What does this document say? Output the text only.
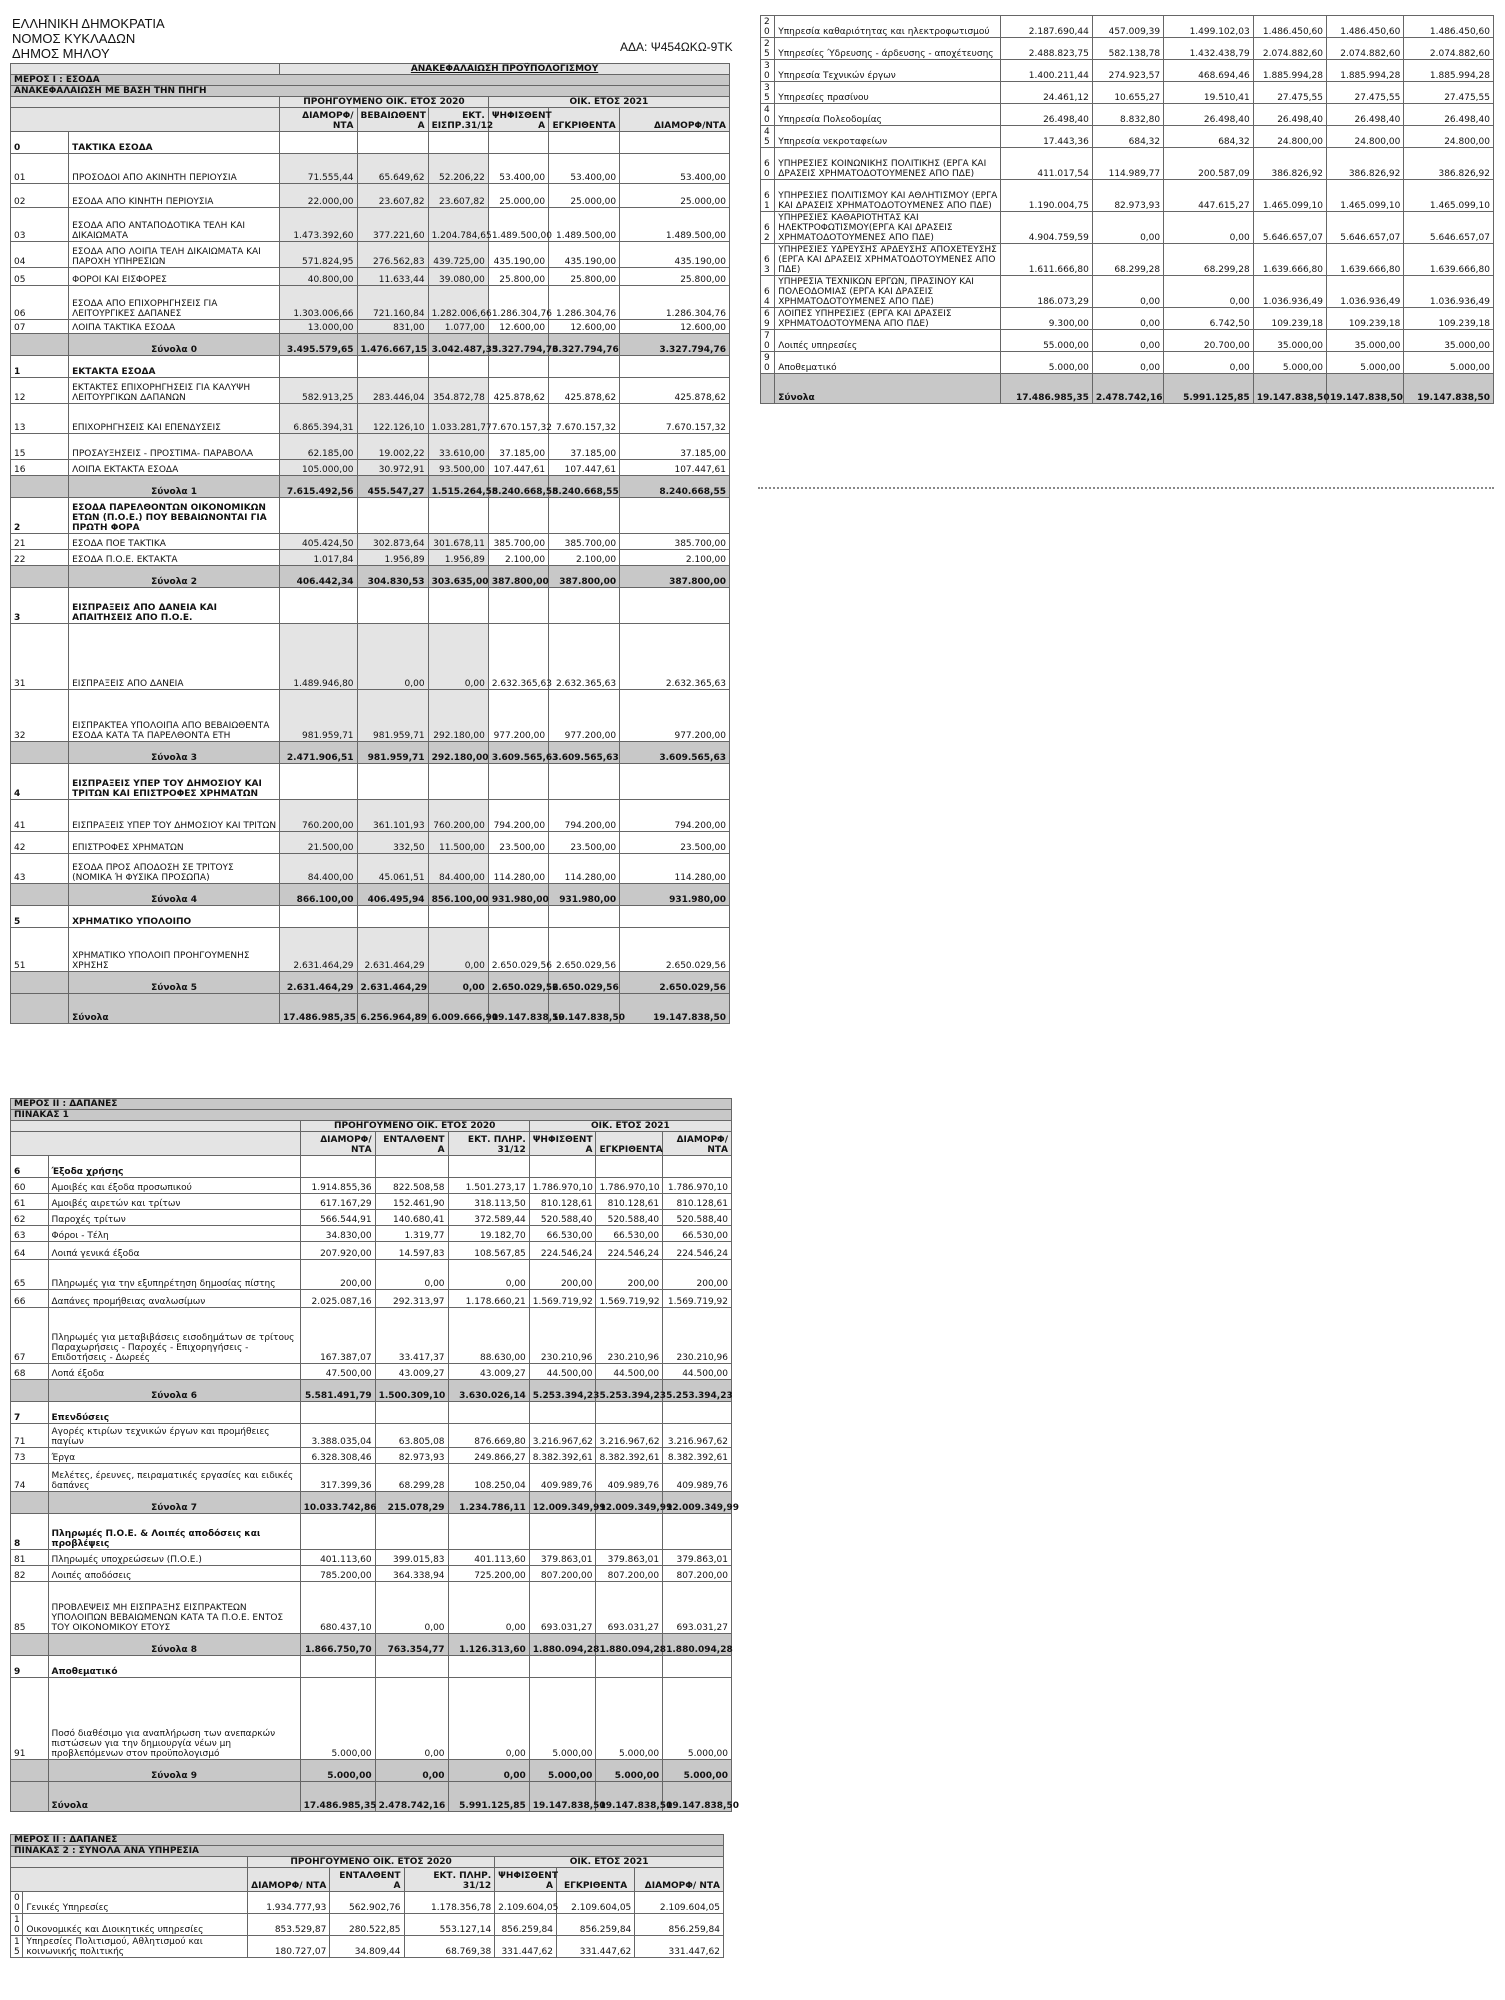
ΕΛΛΗΝΙΚΗ ΔΗΜΟΚΡΑΤΙΑ
ΝΟΜΟΣ ΚΥΚΛΑΔΩΝ
ΔΗΜΟΣ ΜΗΛΟΥ	ΑΔΑ: Ψ454ΩΚΩ-9ΤΚ
		ΑΝΑΚΕΦΑΛΑΙΩΣΗ ΠΡΟΫΠΟΛΟΓΙΣΜΟΥ					
ΜΕΡΟΣ Ι : ΕΣΟΔΑ							
ΑΝΑΚΕΦΑΛΑΙΩΣΗ ΜΕ ΒΑΣΗ ΤΗΝ ΠΗΓΗ							
		ΠΡΟΗΓΟΥΜΕΝΟ ΟΙΚ. ΕΤΟΣ 2020			ΟΙΚ. ΕΤΟΣ 2021		
		ΔΙΑΜΟΡΦ/ ΝΤΑ	ΒΕΒΑΙΩΘΕΝΤ Α	ΕΚΤ. ΕΙΣΠΡ.31/12	ΨΗΦΙΣΘΕΝΤ Α	ΕΓΚΡΙΘΕΝΤΑ	ΔΙΑΜΟΡΦ/ΝΤΑ
0	ΤΑΚΤΙΚΑ ΕΣΟΔΑ						
01	ΠΡΟΣΟΔΟΙ ΑΠΟ ΑΚΙΝΗΤΗ ΠΕΡΙΟΥΣΙΑ	71.555,44	65.649,62	52.206,22	53.400,00	53.400,00	53.400,00
02	ΕΣΟΔΑ ΑΠΟ ΚΙΝΗΤΗ ΠΕΡΙΟΥΣΙΑ	22.000,00	23.607,82	23.607,82	25.000,00	25.000,00	25.000,00
03	ΕΣΟΔΑ ΑΠΟ ΑΝΤΑΠΟΔΟΤΙΚΑ ΤΕΛΗ ΚΑΙ ΔΙΚΑΙΩΜΑΤΑ	1.473.392,60	377.221,60	1.204.784,65	1.489.500,00	1.489.500,00	1.489.500,00
04	ΕΣΟΔΑ ΑΠΟ ΛΟΙΠΑ ΤΕΛΗ ΔΙΚΑΙΩΜΑΤΑ ΚΑΙ ΠΑΡΟΧΗ ΥΠΗΡΕΣΙΩΝ	571.824,95	276.562,83	439.725,00	435.190,00	435.190,00	435.190,00
05	ΦΟΡΟΙ ΚΑΙ ΕΙΣΦΟΡΕΣ	40.800,00	11.633,44	39.080,00	25.800,00	25.800,00	25.800,00
06	ΕΣΟΔΑ ΑΠΟ ΕΠΙΧΟΡΗΓΗΣΕΙΣ ΓΙΑ ΛΕΙΤΟΥΡΓΙΚΕΣ ΔΑΠΑΝΕΣ	1.303.006,66	721.160,84	1.282.006,66	1.286.304,76	1.286.304,76	1.286.304,76
07	ΛΟΙΠΑ ΤΑΚΤΙΚΑ ΕΣΟΔΑ	13.000,00	831,00	1.077,00	12.600,00	12.600,00	12.600,00
	Σύνολα 0	3.495.579,65	1.476.667,15	3.042.487,35	3.327.794,76	3.327.794,76	3.327.794,76
1	ΕΚΤΑΚΤΑ ΕΣΟΔΑ						
12	ΕΚΤΑΚΤΕΣ ΕΠΙΧΟΡΗΓΗΣΕΙΣ ΓΙΑ ΚΑΛΥΨΗ ΛΕΙΤΟΥΡΓΙΚΩΝ ΔΑΠΑΝΩΝ	582.913,25	283.446,04	354.872,78	425.878,62	425.878,62	425.878,62
13	ΕΠΙΧΟΡΗΓΗΣΕΙΣ ΚΑΙ ΕΠΕΝΔΥΣΕΙΣ	6.865.394,31	122.126,10	1.033.281,77	7.670.157,32	7.670.157,32	7.670.157,32
15	ΠΡΟΣΑΥΞΗΣΕΙΣ - ΠΡΟΣΤΙΜΑ- ΠΑΡΑΒΟΛΑ	62.185,00	19.002,22	33.610,00	37.185,00	37.185,00	37.185,00
16	ΛΟΙΠΑ ΕΚΤΑΚΤΑ ΕΣΟΔΑ	105.000,00	30.972,91	93.500,00	107.447,61	107.447,61	107.447,61
	Σύνολα 1	7.615.492,56	455.547,27	1.515.264,55	8.240.668,55	8.240.668,55	8.240.668,55
2	ΕΣΟΔΑ ΠΑΡΕΛΘΟΝΤΩΝ ΟΙΚΟΝΟΜΙΚΩΝ ΕΤΩΝ (Π.Ο.Ε.) ΠΟΥ ΒΕΒΑΙΩΝΟΝΤΑΙ ΓΙΑ ΠΡΩΤΗ ΦΟΡΑ						
21	ΕΣΟΔΑ ΠΟΕ ΤΑΚΤΙΚΑ	405.424,50	302.873,64	301.678,11	385.700,00	385.700,00	385.700,00
22	ΕΣΟΔΑ Π.Ο.Ε. ΕΚΤΑΚΤΑ	1.017,84	1.956,89	1.956,89	2.100,00	2.100,00	2.100,00
	Σύνολα 2	406.442,34	304.830,53	303.635,00	387.800,00	387.800,00	387.800,00
3	ΕΙΣΠΡΑΞΕΙΣ ΑΠΟ ΔΑΝΕΙΑ ΚΑΙ ΑΠΑΙΤΗΣΕΙΣ ΑΠΟ Π.Ο.Ε.						
31	ΕΙΣΠΡΑΞΕΙΣ ΑΠΟ ΔΑΝΕΙΑ	1.489.946,80	0,00	0,00	2.632.365,63	2.632.365,63	2.632.365,63
32	ΕΙΣΠΡΑΚΤΕΑ ΥΠΟΛΟΙΠΑ ΑΠΟ ΒΕΒΑΙΩΘΕΝΤΑ ΕΣΟΔΑ ΚΑΤΑ ΤΑ ΠΑΡΕΛΘΟΝΤΑ ΕΤΗ	981.959,71	981.959,71	292.180,00	977.200,00	977.200,00	977.200,00
	Σύνολα 3	2.471.906,51	981.959,71	292.180,00	3.609.565,63	3.609.565,63	3.609.565,63
4	ΕΙΣΠΡΑΞΕΙΣ ΥΠΕΡ ΤΟΥ ΔΗΜΟΣΙΟΥ ΚΑΙ ΤΡΙΤΩΝ ΚΑΙ ΕΠΙΣΤΡΟΦΕΣ ΧΡΗΜΑΤΩΝ						
41	ΕΙΣΠΡΑΞΕΙΣ ΥΠΕΡ ΤΟΥ ΔΗΜΟΣΙΟΥ ΚΑΙ ΤΡΙΤΩΝ	760.200,00	361.101,93	760.200,00	794.200,00	794.200,00	794.200,00
42	ΕΠΙΣΤΡΟΦΕΣ ΧΡΗΜΑΤΩΝ	21.500,00	332,50	11.500,00	23.500,00	23.500,00	23.500,00
43	ΕΣΟΔΑ ΠΡΟΣ ΑΠΟΔΟΣΗ ΣΕ ΤΡΙΤΟΥΣ (ΝΟΜΙΚΑ Ή ΦΥΣΙΚΑ ΠΡΟΣΩΠΑ)	84.400,00	45.061,51	84.400,00	114.280,00	114.280,00	114.280,00
	Σύνολα 4	866.100,00	406.495,94	856.100,00	931.980,00	931.980,00	931.980,00
5	ΧΡΗΜΑΤΙΚΟ ΥΠΟΛΟΙΠΟ						
51	ΧΡΗΜΑΤΙΚΟ ΥΠΟΛΟΙΠ ΠΡΟΗΓΟΥΜΕΝΗΣ ΧΡΗΣΗΣ	2.631.464,29	2.631.464,29	0,00	2.650.029,56	2.650.029,56	2.650.029,56
	Σύνολα 5	2.631.464,29	2.631.464,29	0,00	2.650.029,56	2.650.029,56	2.650.029,56
	Σύνολα	17.486.985,35	6.256.964,89	6.009.666,90	19.147.838,50	19.147.838,50	19.147.838,50
ΜΕΡΟΣ ΙΙ : ΔΑΠΑΝΕΣ							
ΠΙΝΑΚΑΣ 1							
		ΠΡΟΗΓΟΥΜΕΝΟ ΟΙΚ. ΕΤΟΣ 2020			ΟΙΚ. ΕΤΟΣ 2021		
		ΔΙΑΜΟΡΦ/ ΝΤΑ	ΕΝΤΑΛΘΕΝΤ Α	ΕΚΤ. ΠΛΗΡ. 31/12	ΨΗΦΙΣΘΕΝΤ Α	ΕΓΚΡΙΘΕΝΤΑ	ΔΙΑΜΟΡΦ/ ΝΤΑ
6	Έξοδα χρήσης						
60	Αμοιβές και έξοδα προσωπικού	1.914.855,36	822.508,58	1.501.273,17	1.786.970,10	1.786.970,10	1.786.970,10
61	Αμοιβές αιρετών και τρίτων	617.167,29	152.461,90	318.113,50	810.128,61	810.128,61	810.128,61
62	Παροχές τρίτων	566.544,91	140.680,41	372.589,44	520.588,40	520.588,40	520.588,40
63	Φόροι - Τέλη	34.830,00	1.319,77	19.182,70	66.530,00	66.530,00	66.530,00
64	Λοιπά γενικά έξοδα	207.920,00	14.597,83	108.567,85	224.546,24	224.546,24	224.546,24
65	Πληρωμές για την εξυπηρέτηση δημοσίας πίστης	200,00	0,00	0,00	200,00	200,00	200,00
66	Δαπάνες προμήθειας αναλωσίμων	2.025.087,16	292.313,97	1.178.660,21	1.569.719,92	1.569.719,92	1.569.719,92
67	Πληρωμές για μεταβιβάσεις εισοδημάτων σε τρίτους Παραχωρήσεις - Παροχές - Επιχορηγήσεις - Επιδοτήσεις - Δωρεές	167.387,07	33.417,37	88.630,00	230.210,96	230.210,96	230.210,96
68	Λοπά έξοδα	47.500,00	43.009,27	43.009,27	44.500,00	44.500,00	44.500,00
	Σύνολα 6	5.581.491,79	1.500.309,10	3.630.026,14	5.253.394,23	5.253.394,23	5.253.394,23
7	Επενδύσεις						
71	Αγορές κτιρίων τεχνικών έργων και προμήθειες παγίων	3.388.035,04	63.805,08	876.669,80	3.216.967,62	3.216.967,62	3.216.967,62
73	Έργα	6.328.308,46	82.973,93	249.866,27	8.382.392,61	8.382.392,61	8.382.392,61
74	Μελέτες, έρευνες, πειραματικές εργασίες και ειδικές δαπάνες	317.399,36	68.299,28	108.250,04	409.989,76	409.989,76	409.989,76
	Σύνολα 7	10.033.742,86	215.078,29	1.234.786,11	12.009.349,99	12.009.349,99	12.009.349,99
8	Πληρωμές Π.Ο.Ε. & Λοιπές αποδόσεις και προβλέψεις						
81	Πληρωμές υποχρεώσεων (Π.Ο.Ε.)	401.113,60	399.015,83	401.113,60	379.863,01	379.863,01	379.863,01
82	Λοιπές αποδόσεις	785.200,00	364.338,94	725.200,00	807.200,00	807.200,00	807.200,00
85	ΠΡΟΒΛΕΨΕΙΣ ΜΗ ΕΙΣΠΡΑΞΗΣ ΕΙΣΠΡΑΚΤΕΩΝ ΥΠΟΛΟΙΠΩΝ ΒΕΒΑΙΩΜΕΝΩΝ ΚΑΤΑ ΤΑ Π.Ο.Ε. ΕΝΤΟΣ ΤΟΥ ΟΙΚΟΝΟΜΙΚΟΥ ΕΤΟΥΣ	680.437,10	0,00	0,00	693.031,27	693.031,27	693.031,27
	Σύνολα 8	1.866.750,70	763.354,77	1.126.313,60	1.880.094,28	1.880.094,28	1.880.094,28
9	Αποθεματικό						
91	Ποσό διαθέσιμο για αναπλήρωση των ανεπαρκών πιστώσεων για την δημιουργία νέων μη προβλεπόμενων στον προϋπολογισμό	5.000,00	0,00	0,00	5.000,00	5.000,00	5.000,00
	Σύνολα 9	5.000,00	0,00	0,00	5.000,00	5.000,00	5.000,00
	Σύνολα	17.486.985,35	2.478.742,16	5.991.125,85	19.147.838,50	19.147.838,50	19.147.838,50
ΜΕΡΟΣ ΙΙ : ΔΑΠΑΝΕΣ							
ΠΙΝΑΚΑΣ 2 : ΣΥΝΟΛΑ ΑΝΑ ΥΠΗΡΕΣΙΑ							
		ΠΡΟΗΓΟΥΜΕΝΟ ΟΙΚ. ΕΤΟΣ 2020			ΟΙΚ. ΕΤΟΣ 2021		
		ΔΙΑΜΟΡΦ/ ΝΤΑ	ΕΝΤΑΛΘΕΝΤ Α	ΕΚΤ. ΠΛΗΡ. 31/12	ΨΗΦΙΣΘΕΝΤ Α	ΕΓΚΡΙΘΕΝΤΑ	ΔΙΑΜΟΡΦ/ ΝΤΑ
0 0	Γενικές Υπηρεσίες	1.934.777,93	562.902,76	1.178.356,78	2.109.604,05	2.109.604,05	2.109.604,05
1 0	Οικονομικές και Διοικητικές υπηρεσίες	853.529,87	280.522,85	553.127,14	856.259,84	856.259,84	856.259,84
1 5	Υπηρεσίες Πολιτισμού, Αθλητισμού και κοινωνικής πολιτικής	180.727,07	34.809,44	68.769,38	331.447,62	331.447,62	331.447,62
2 0	Υπηρεσία καθαριότητας και ηλεκτροφωτισμού	2.187.690,44	457.009,39	1.499.102,03	1.486.450,60	1.486.450,60	1.486.450,60
2 5	Υπηρεσίες Ύδρευσης - άρδευσης - αποχέτευσης	2.488.823,75	582.138,78	1.432.438,79	2.074.882,60	2.074.882,60	2.074.882,60
3 0	Υπηρεσία Τεχνικών έργων	1.400.211,44	274.923,57	468.694,46	1.885.994,28	1.885.994,28	1.885.994,28
3 5	Υπηρεσίες πρασίνου	24.461,12	10.655,27	19.510,41	27.475,55	27.475,55	27.475,55
4 0	Υπηρεσία Πολεοδομίας	26.498,40	8.832,80	26.498,40	26.498,40	26.498,40	26.498,40
4 5	Υπηρεσία νεκροταφείων	17.443,36	684,32	684,32	24.800,00	24.800,00	24.800,00
6 0	ΥΠΗΡΕΣΙΕΣ ΚΟΙΝΩΝΙΚΗΣ ΠΟΛΙΤΙΚΗΣ (ΕΡΓΑ ΚΑΙ ΔΡΑΣΕΙΣ ΧΡΗΜΑΤΟΔΟΤΟΥΜΕΝΕΣ ΑΠΟ ΠΔΕ)	411.017,54	114.989,77	200.587,09	386.826,92	386.826,92	386.826,92
6 1	ΥΠΗΡΕΣΙΕΣ ΠΟΛΙΤΙΣΜΟΥ ΚΑΙ ΑΘΛΗΤΙΣΜΟΥ (ΕΡΓΑ ΚΑΙ ΔΡΑΣΕΙΣ ΧΡΗΜΑΤΟΔΟΤΟΥΜΕΝΕΣ ΑΠΟ ΠΔΕ)	1.190.004,75	82.973,93	447.615,27	1.465.099,10	1.465.099,10	1.465.099,10
6 2	ΥΠΗΡΕΣΙΕΣ ΚΑΘΑΡΙΟΤΗΤΑΣ ΚΑΙ ΗΛΕΚΤΡΟΦΩΤΙΣΜΟΥ(ΕΡΓΑ ΚΑΙ ΔΡΑΣΕΙΣ ΧΡΗΜΑΤΟΔΟΤΟΥΜΕΝΕΣ ΑΠΟ ΠΔΕ)	4.904.759,59	0,00	0,00	5.646.657,07	5.646.657,07	5.646.657,07
6 3	ΥΠΗΡΕΣΙΕΣ ΥΔΡΕΥΣΗΣ ΑΡΔΕΥΣΗΣ ΑΠΟΧΕΤΕΥΣΗΣ (ΕΡΓΑ ΚΑΙ ΔΡΑΣΕΙΣ ΧΡΗΜΑΤΟΔΟΤΟΥΜΕΝΕΣ ΑΠΟ ΠΔΕ)	1.611.666,80	68.299,28	68.299,28	1.639.666,80	1.639.666,80	1.639.666,80
6 4	ΥΠΗΡΕΣΙΑ ΤΕΧΝΙΚΩΝ ΕΡΓΩΝ, ΠΡΑΣΙΝΟΥ ΚΑΙ ΠΟΛΕΟΔΟΜΙΑΣ (ΕΡΓΑ ΚΑΙ ΔΡΑΣΕΙΣ ΧΡΗΜΑΤΟΔΟΤΟΥΜΕΝΕΣ ΑΠΟ ΠΔΕ)	186.073,29	0,00	0,00	1.036.936,49	1.036.936,49	1.036.936,49
6 9	ΛΟΙΠΕΣ ΥΠΗΡΕΣΙΕΣ (ΕΡΓΑ ΚΑΙ ΔΡΑΣΕΙΣ ΧΡΗΜΑΤΟΔΟΤΟΥΜΕΝΑ ΑΠΟ ΠΔΕ)	9.300,00	0,00	6.742,50	109.239,18	109.239,18	109.239,18
7 0	Λοιπές υπηρεσίες	55.000,00	0,00	20.700,00	35.000,00	35.000,00	35.000,00
9 0	Αποθεματικό	5.000,00	0,00	0,00	5.000,00	5.000,00	5.000,00
	Σύνολα	17.486.985,35	2.478.742,16	5.991.125,85	19.147.838,50	19.147.838,50	19.147.838,50
